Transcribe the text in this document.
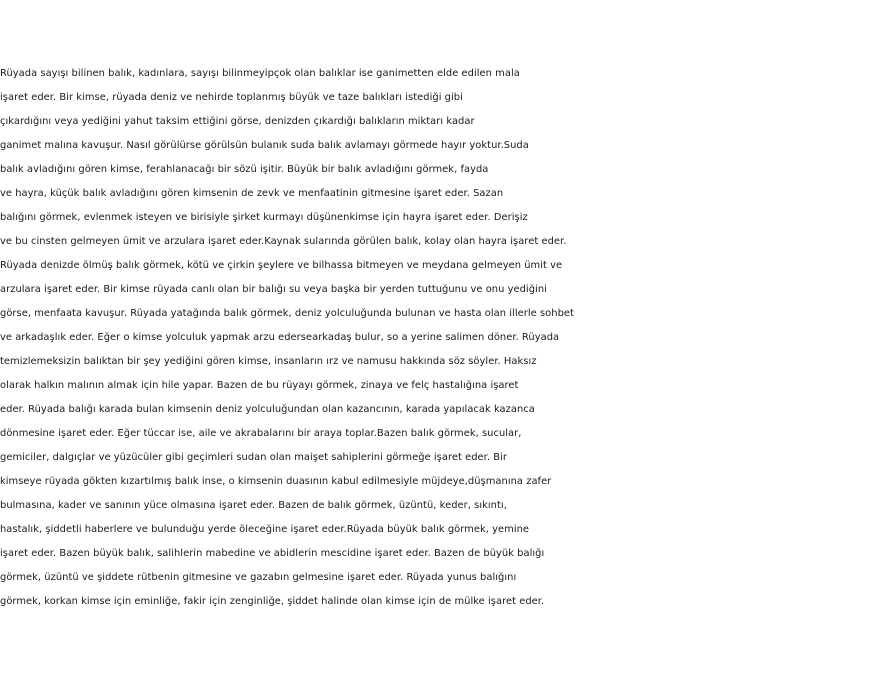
Rüyada sayışı bilinen balık, kadınlara, sayışı bilinmeyipçok olan balıklar ise ganimetten elde edilen mala
işaret eder. Bir kimse, rüyada deniz ve nehirde toplanmış büyük ve taze balıkları istediği gibi
çıkardığını veya yediğini yahut taksim ettiğini görse, denizden çıkardığı balıkların miktarı kadar
ganimet malına kavuşur. Nasıl görülürse görülsün bulanık suda balık avlamayı görmede hayır yoktur.Suda
balık avladığını gören kimse, ferahlanacağı bir sözü işitir. Büyük bir balık avladığını görmek, fayda
ve hayra, küçük balık avladığını gören kimsenin de zevk ve menfaatinin gitmesine işaret eder. Sazan
balığını görmek, evlenmek isteyen ve birisiyle şirket kurmayı düşünenkimse için hayra işaret eder. Derişiz
ve bu cinsten gelmeyen ümit ve arzulara işaret eder.Kaynak sularında görülen balık, kolay olan hayra işaret eder.
Rüyada denizde ölmüş balık görmek, kötü ve çirkin şeylere ve bilhassa bitmeyen ve meydana gelmeyen ümit ve
arzulara işaret eder. Bir kimse rüyada canlı olan bir balığı su veya başka bir yerden tuttuğunu ve onu yediğini
görse, menfaata kavuşur. Rüyada yatağında balık görmek, deniz yolculuğunda bulunan ve hasta olan illerle sohbet
ve arkadaşlık eder. Eğer o kimse yolculuk yapmak arzu edersearkadaş bulur, so a yerine salimen döner. Rüyada
temizlemeksizin balıktan bir şey yediğini gören kimse, insanların ırz ve namusu hakkında söz söyler. Haksız
olarak halkın malının almak için hile yapar. Bazen de bu rüyayı görmek, zinaya ve felç hastalığına işaret
eder. Rüyada balığı karada bulan kimsenin deniz yolculuğundan olan kazancının, karada yapılacak kazanca
dönmesine işaret eder. Eğer tüccar ise, aile ve akrabalarını bir araya toplar.Bazen balık görmek, sucular,
gemiciler, dalgıçlar ve yüzücüler gibi geçimleri sudan olan maişet sahiplerini görmeğe işaret eder. Bir
kimseye rüyada gökten kızartılmış balık inse, o kimsenin duasının kabul edilmesiyle müjdeye,düşmanına zafer
bulmasına, kader ve sanının yüce olmasına işaret eder. Bazen de balık görmek, üzüntü, keder, sıkıntı,
hastalık, şiddetli haberlere ve bulunduğu yerde öleceğine işaret eder.Rüyada büyük balık görmek, yemine
işaret eder. Bazen büyük balık, salihlerin mabedine ve abidlerin mescidine işaret eder. Bazen de büyük balığı
görmek, üzüntü ve şiddete rütbenin gitmesine ve gazabın gelmesine işaret eder. Rüyada yunus balığını
görmek, korkan kimse için eminliğe, fakir için zenginliğe, şiddet halinde olan kimse için de mülke işaret eder.
